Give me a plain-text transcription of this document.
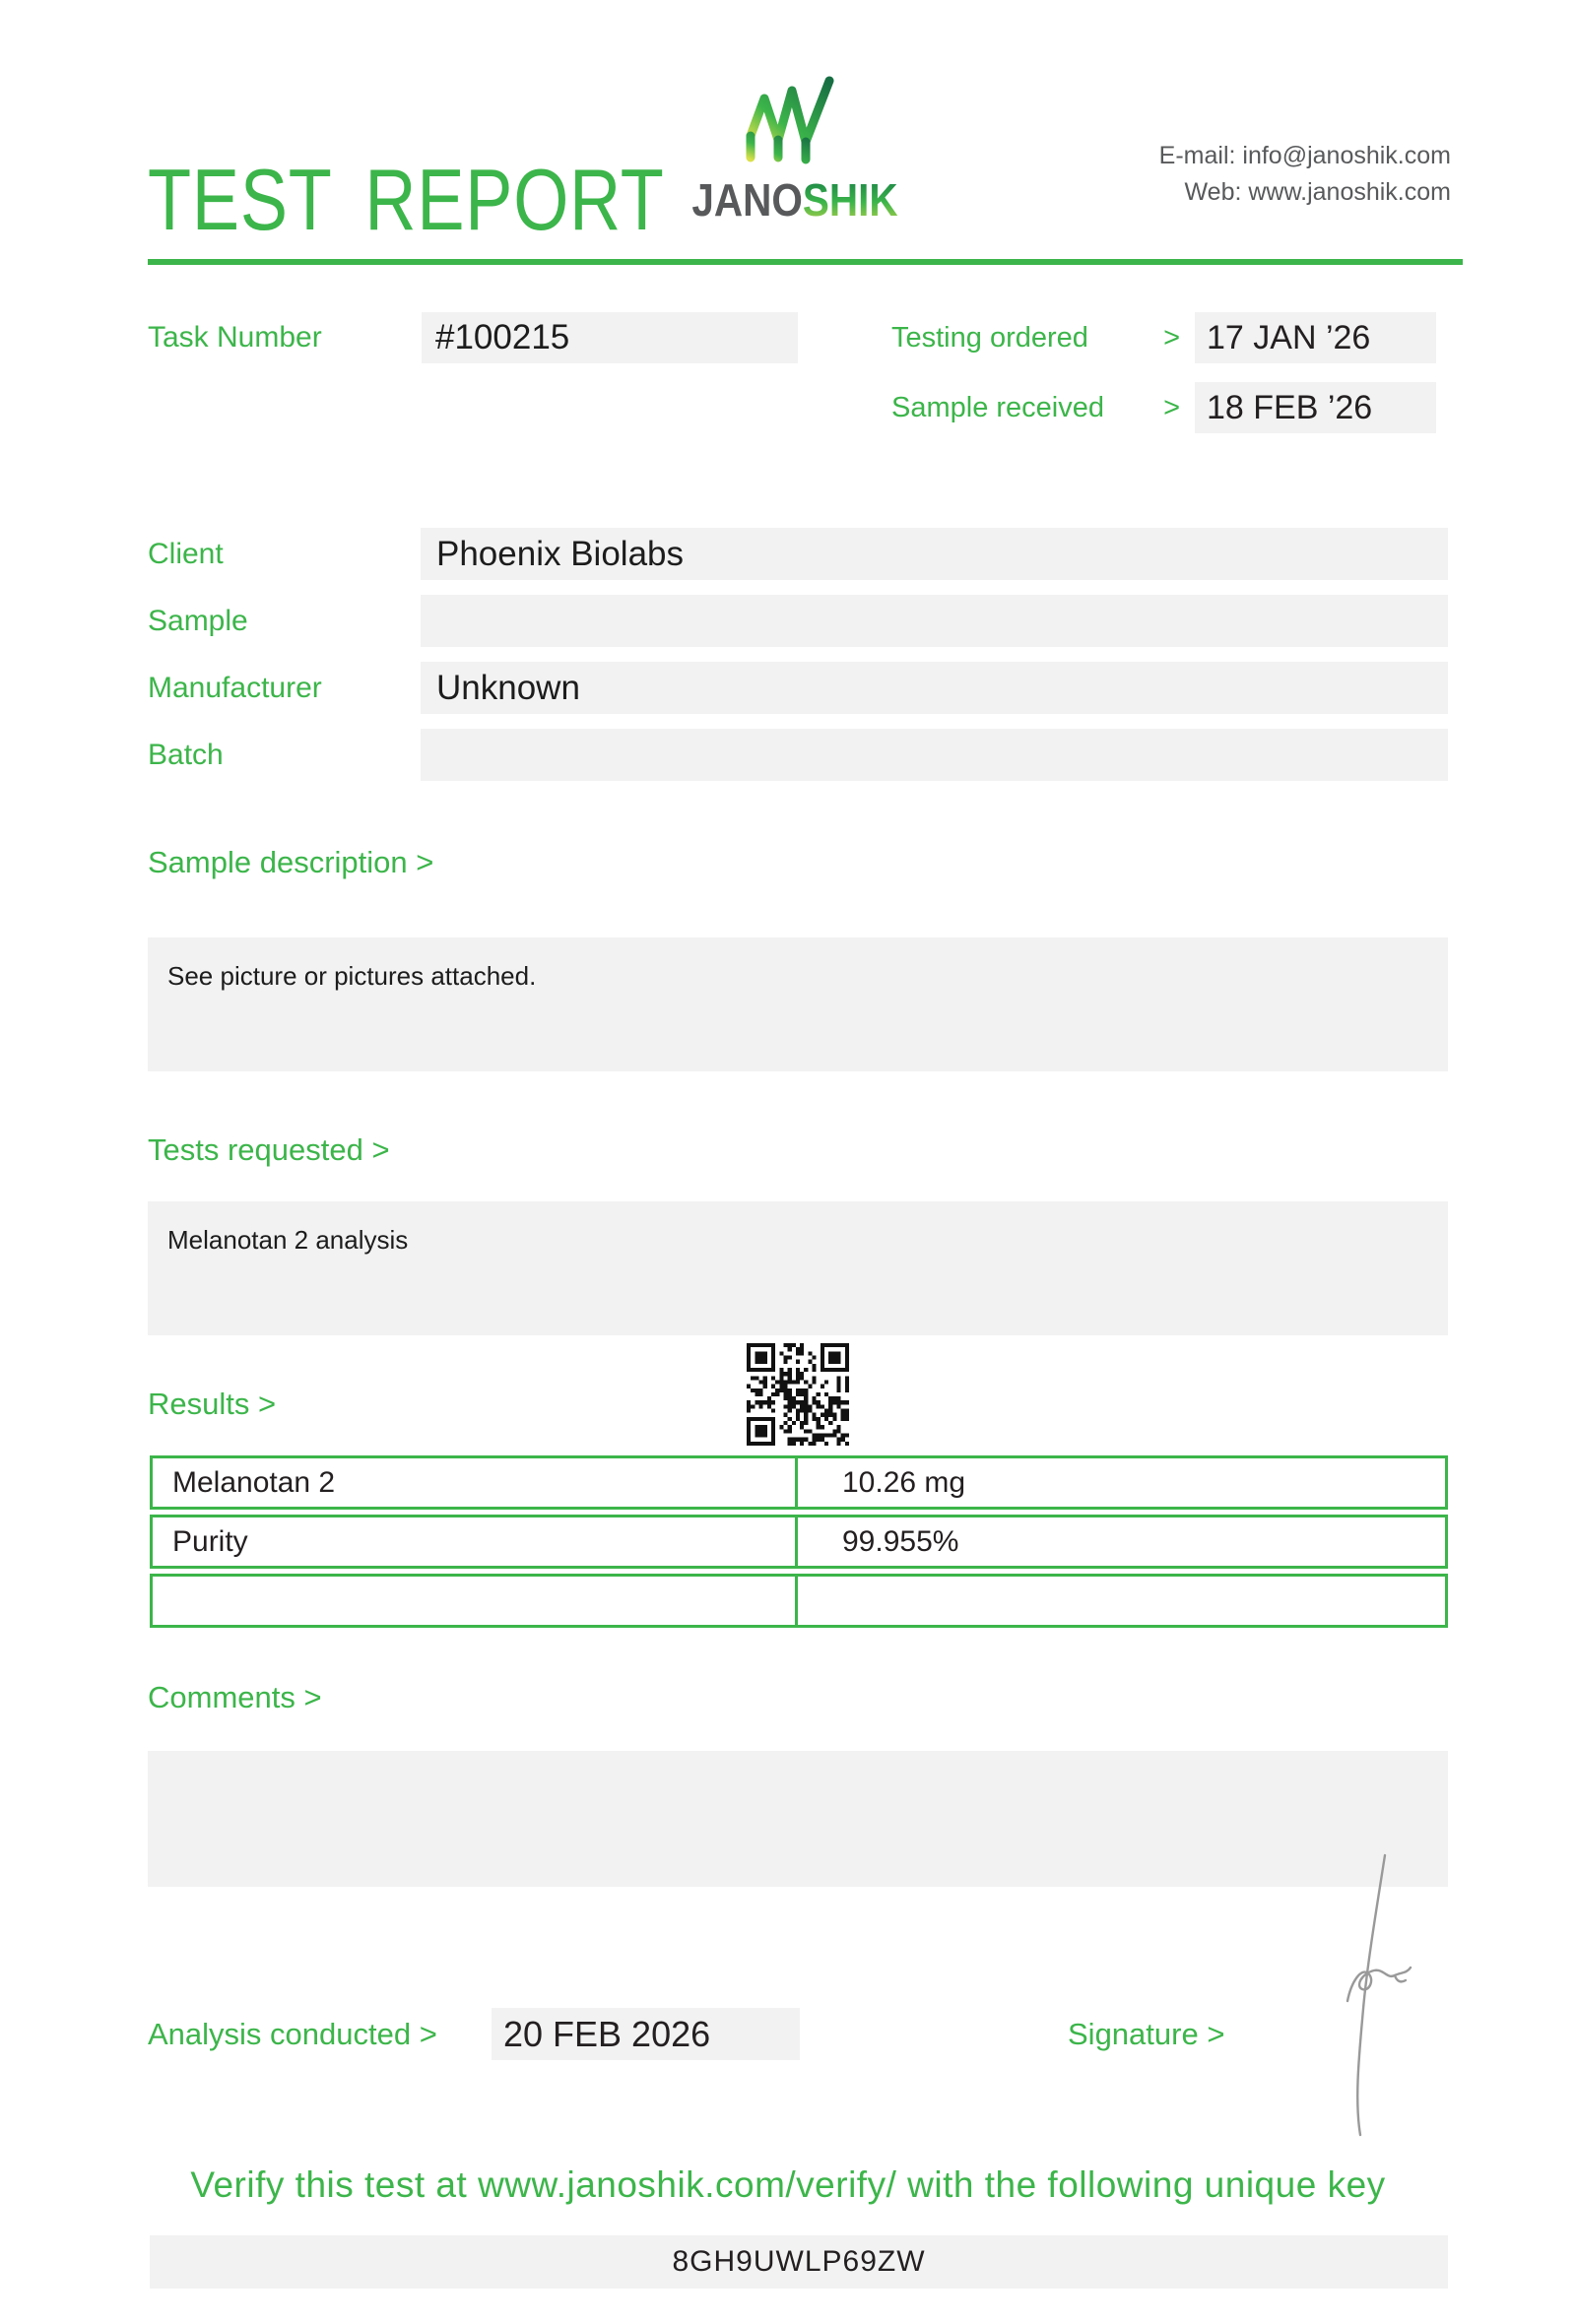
TEST REPORT JANOSHIK
E-mail: info@janoshik.com
Web: www.janoshik.com
Task Number	#100215	Testing ordered	> 17 JAN ’26
Sample received > 18 FEB ’26
Client	Phoenix Biolabs
Sample
Manufacturer	Unknown
Batch
Sample description >
See picture or pictures attached.
Tests requested >
Melanotan 2 analysis
Results >
Melanotan 2	10.26 mg
Purity	99.955%
Comments >
Analysis conducted >	20 FEB 2026	Signature >
Verify this test at www.janoshik.com/verify/ with the following unique key
8GH9UWLP69ZW
